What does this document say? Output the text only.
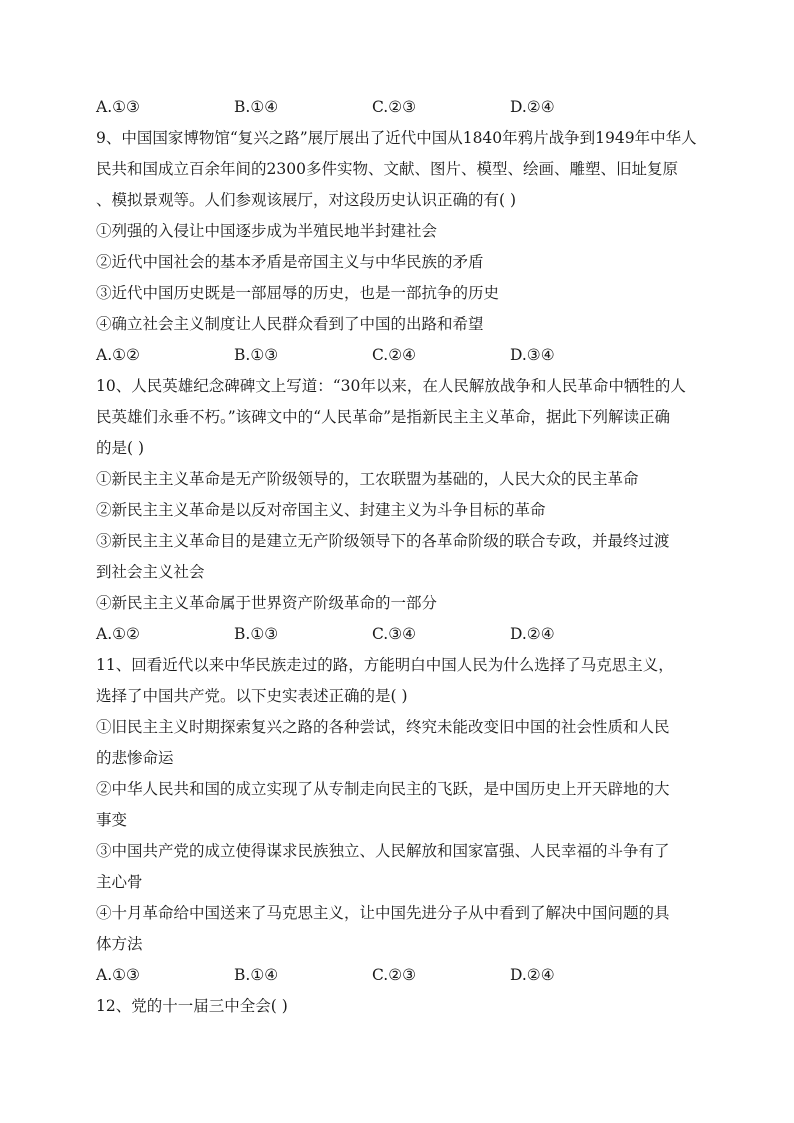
A.①③	B.①④	C.②③	D.②④
9、中国国家博物馆“复兴之路”展厅展出了近代中国从1840年鸦片战争到1949年中华人
民共和国成立百余年间的2300多件实物、文献、图片、模型、绘画、雕塑、旧址复原
、模拟景观等。人们参观该展厅，对这段历史认识正确的有( )
①列强的入侵让中国逐步成为半殖民地半封建社会
②近代中国社会的基本矛盾是帝国主义与中华民族的矛盾
③近代中国历史既是一部屈辱的历史，也是一部抗争的历史
④确立社会主义制度让人民群众看到了中国的出路和希望
A.①②	B.①③	C.②④	D.③④
10、人民英雄纪念碑碑文上写道：“30年以来，在人民解放战争和人民革命中牺牲的人
民英雄们永垂不朽。”该碑文中的“人民革命”是指新民主主义革命，据此下列解读正确
的是( )
①新民主主义革命是无产阶级领导的，工农联盟为基础的，人民大众的民主革命
②新民主主义革命是以反对帝国主义、封建主义为斗争目标的革命
③新民主主义革命目的是建立无产阶级领导下的各革命阶级的联合专政，并最终过渡
到社会主义社会
④新民主主义革命属于世界资产阶级革命的一部分
A.①②	B.①③	C.③④	D.②④
11、回看近代以来中华民族走过的路，方能明白中国人民为什么选择了马克思主义，
选择了中国共产党。以下史实表述正确的是( )
①旧民主主义时期探索复兴之路的各种尝试，终究未能改变旧中国的社会性质和人民
的悲惨命运
②中华人民共和国的成立实现了从专制走向民主的飞跃，是中国历史上开天辟地的大
事变
③中国共产党的成立使得谋求民族独立、人民解放和国家富强、人民幸福的斗争有了
主心骨
④十月革命给中国送来了马克思主义，让中国先进分子从中看到了解决中国问题的具
体方法
A.①③	B.①④	C.②③	D.②④
12、党的十一届三中全会( )
